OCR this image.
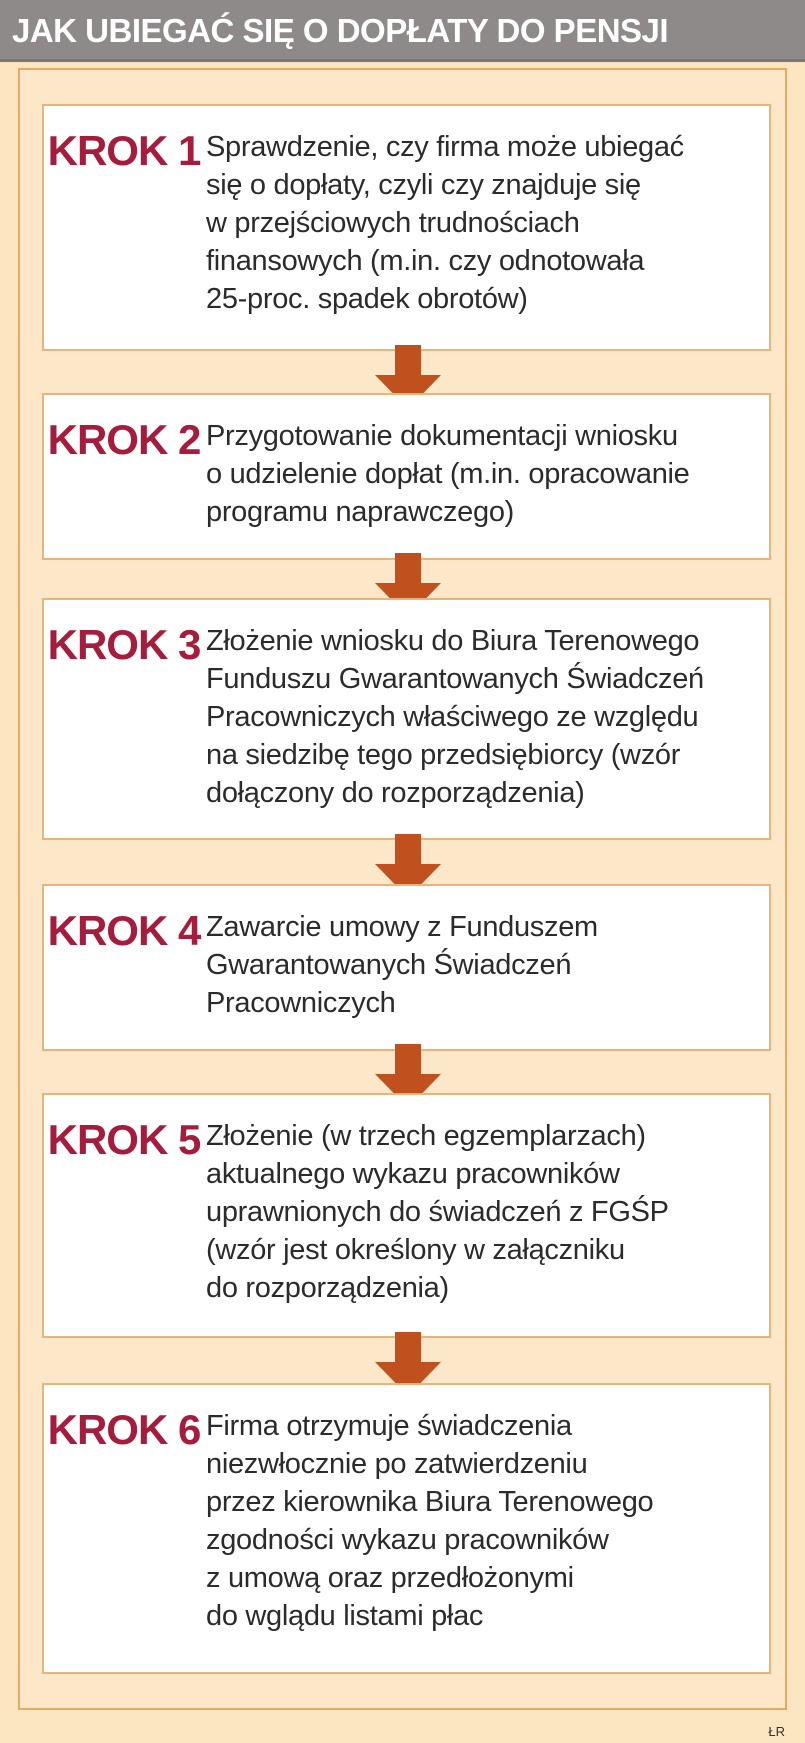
JAK UBIEGAĆ SIĘ O DOPŁATY DO PENSJI
KROK 1 Sprawdzenie, czy firma może ubiegać
się o dopłaty, czyli czy znajduje się
w przejściowych trudnościach
finansowych (m.in. czy odnotowała
25-proc. spadek obrotów)
KROK 2 Przygotowanie dokumentacji wniosku
o udzielenie dopłat (m.in. opracowanie
programu naprawczego)
KROK 3 Złożenie wniosku do Biura Terenowego
Funduszu Gwarantowanych Świadczeń
Pracowniczych właściwego ze względu
na siedzibę tego przedsiębiorcy (wzór
dołączony do rozporządzenia)
KROK 4 Zawarcie umowy z Funduszem
Gwarantowanych Świadczeń
Pracowniczych
KROK 5 Złożenie (w trzech egzemplarzach)
aktualnego wykazu pracowników
uprawnionych do świadczeń z FGŚP
(wzór jest określony w załączniku
do rozporządzenia)
KROK 6 Firma otrzymuje świadczenia
niezwłocznie po zatwierdzeniu
przez kierownika Biura Terenowego
zgodności wykazu pracowników
z umową oraz przedłożonymi
do wglądu listami płac
ŁR
